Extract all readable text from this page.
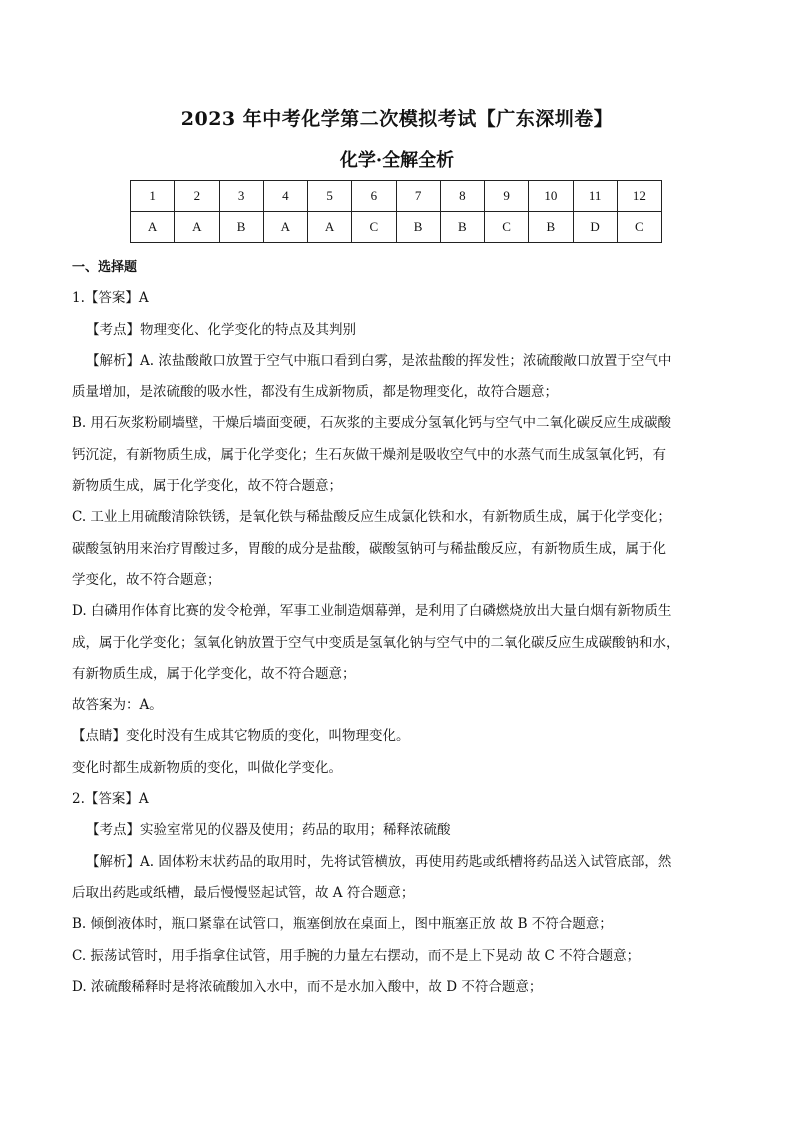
2023 年中考化学第二次模拟考试【广东深圳卷】
化学·全解全析
1	2	3	4	5	6	7	8	9	10	11	12
A	A	B	A	A	C	B	B	C	B	D	C

一、选择题

1.【答案】A

【考点】物理变化、化学变化的特点及其判别

【解析】A. 浓盐酸敞口放置于空气中瓶口看到白雾，是浓盐酸的挥发性；浓硫酸敞口放置于空气中

质量增加，是浓硫酸的吸水性，都没有生成新物质，都是物理变化，故符合题意；

B. 用石灰浆粉刷墙壁，干燥后墙面变硬，石灰浆的主要成分氢氧化钙与空气中二氧化碳反应生成碳酸

钙沉淀，有新物质生成，属于化学变化；生石灰做干燥剂是吸收空气中的水蒸气而生成氢氧化钙，有

新物质生成，属于化学变化，故不符合题意；

C. 工业上用硫酸清除铁锈，是氧化铁与稀盐酸反应生成氯化铁和水，有新物质生成，属于化学变化；

碳酸氢钠用来治疗胃酸过多，胃酸的成分是盐酸，碳酸氢钠可与稀盐酸反应，有新物质生成，属于化

学变化，故不符合题意；

D. 白磷用作体育比赛的发令枪弹，军事工业制造烟幕弹，是利用了白磷燃烧放出大量白烟有新物质生

成，属于化学变化；氢氧化钠放置于空气中变质是氢氧化钠与空气中的二氧化碳反应生成碳酸钠和水，

有新物质生成，属于化学变化，故不符合题意；

故答案为：A。

【点睛】变化时没有生成其它物质的变化，叫物理变化。

变化时都生成新物质的变化，叫做化学变化。

2.【答案】A

【考点】实验室常见的仪器及使用；药品的取用；稀释浓硫酸

【解析】A. 固体粉末状药品的取用时，先将试管横放，再使用药匙或纸槽将药品送入试管底部，然

后取出药匙或纸槽，最后慢慢竖起试管，故 A 符合题意；

B. 倾倒液体时，瓶口紧靠在试管口，瓶塞倒放在桌面上，图中瓶塞正放 故 B 不符合题意；

C. 振荡试管时，用手指拿住试管，用手腕的力量左右摆动，而不是上下晃动 故 C 不符合题意；

D. 浓硫酸稀释时是将浓硫酸加入水中，而不是水加入酸中，故 D 不符合题意；
